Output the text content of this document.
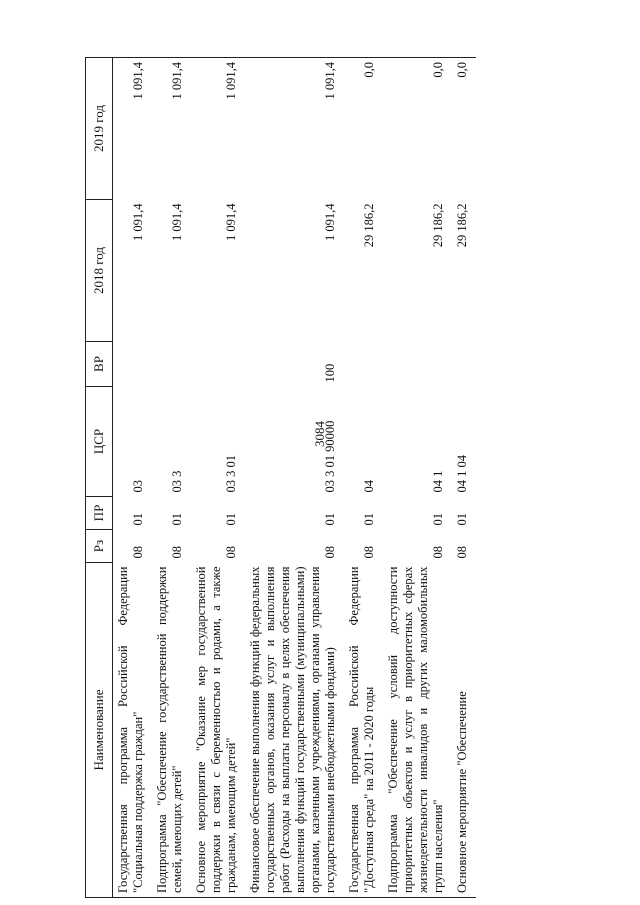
3084
Наименование	Рз	ПР	ЦСР	ВР	2018 год	2019 год
Государственная программа Российской Федерации "Социальная поддержка граждан"	08	01	03		1 091,4	1 091,4
Подпрограмма "Обеспечение государственной поддержки семей, имеющих детей"	08	01	03 3		1 091,4	1 091,4
Основное мероприятие "Оказание мер государственной поддержки в связи с беременностью и родами, а также гражданам, имеющим детей"	08	01	03 3 01		1 091,4	1 091,4
Финансовое обеспечение выполнения функций федеральных государственных органов, оказания услуг и выполнения работ (Расходы на выплаты персоналу в целях обеспечения выполнения функций государственными (муниципальными) органами, казенными учреждениями, органами управления государственными внебюджетными фондами)	08	01	03 3 01 90000	100	1 091,4	1 091,4
Государственная программа Российской Федерации "Доступная среда" на 2011 - 2020 годы	08	01	04		29 186,2	0,0
Подпрограмма "Обеспечение условий доступности приоритетных объектов и услуг в приоритетных сферах жизнедеятельности инвалидов и других маломобильных групп населения"	08	01	04 1		29 186,2	0,0
Основное мероприятие "Обеспечение	08	01	04 1 04		29 186,2	0,0
